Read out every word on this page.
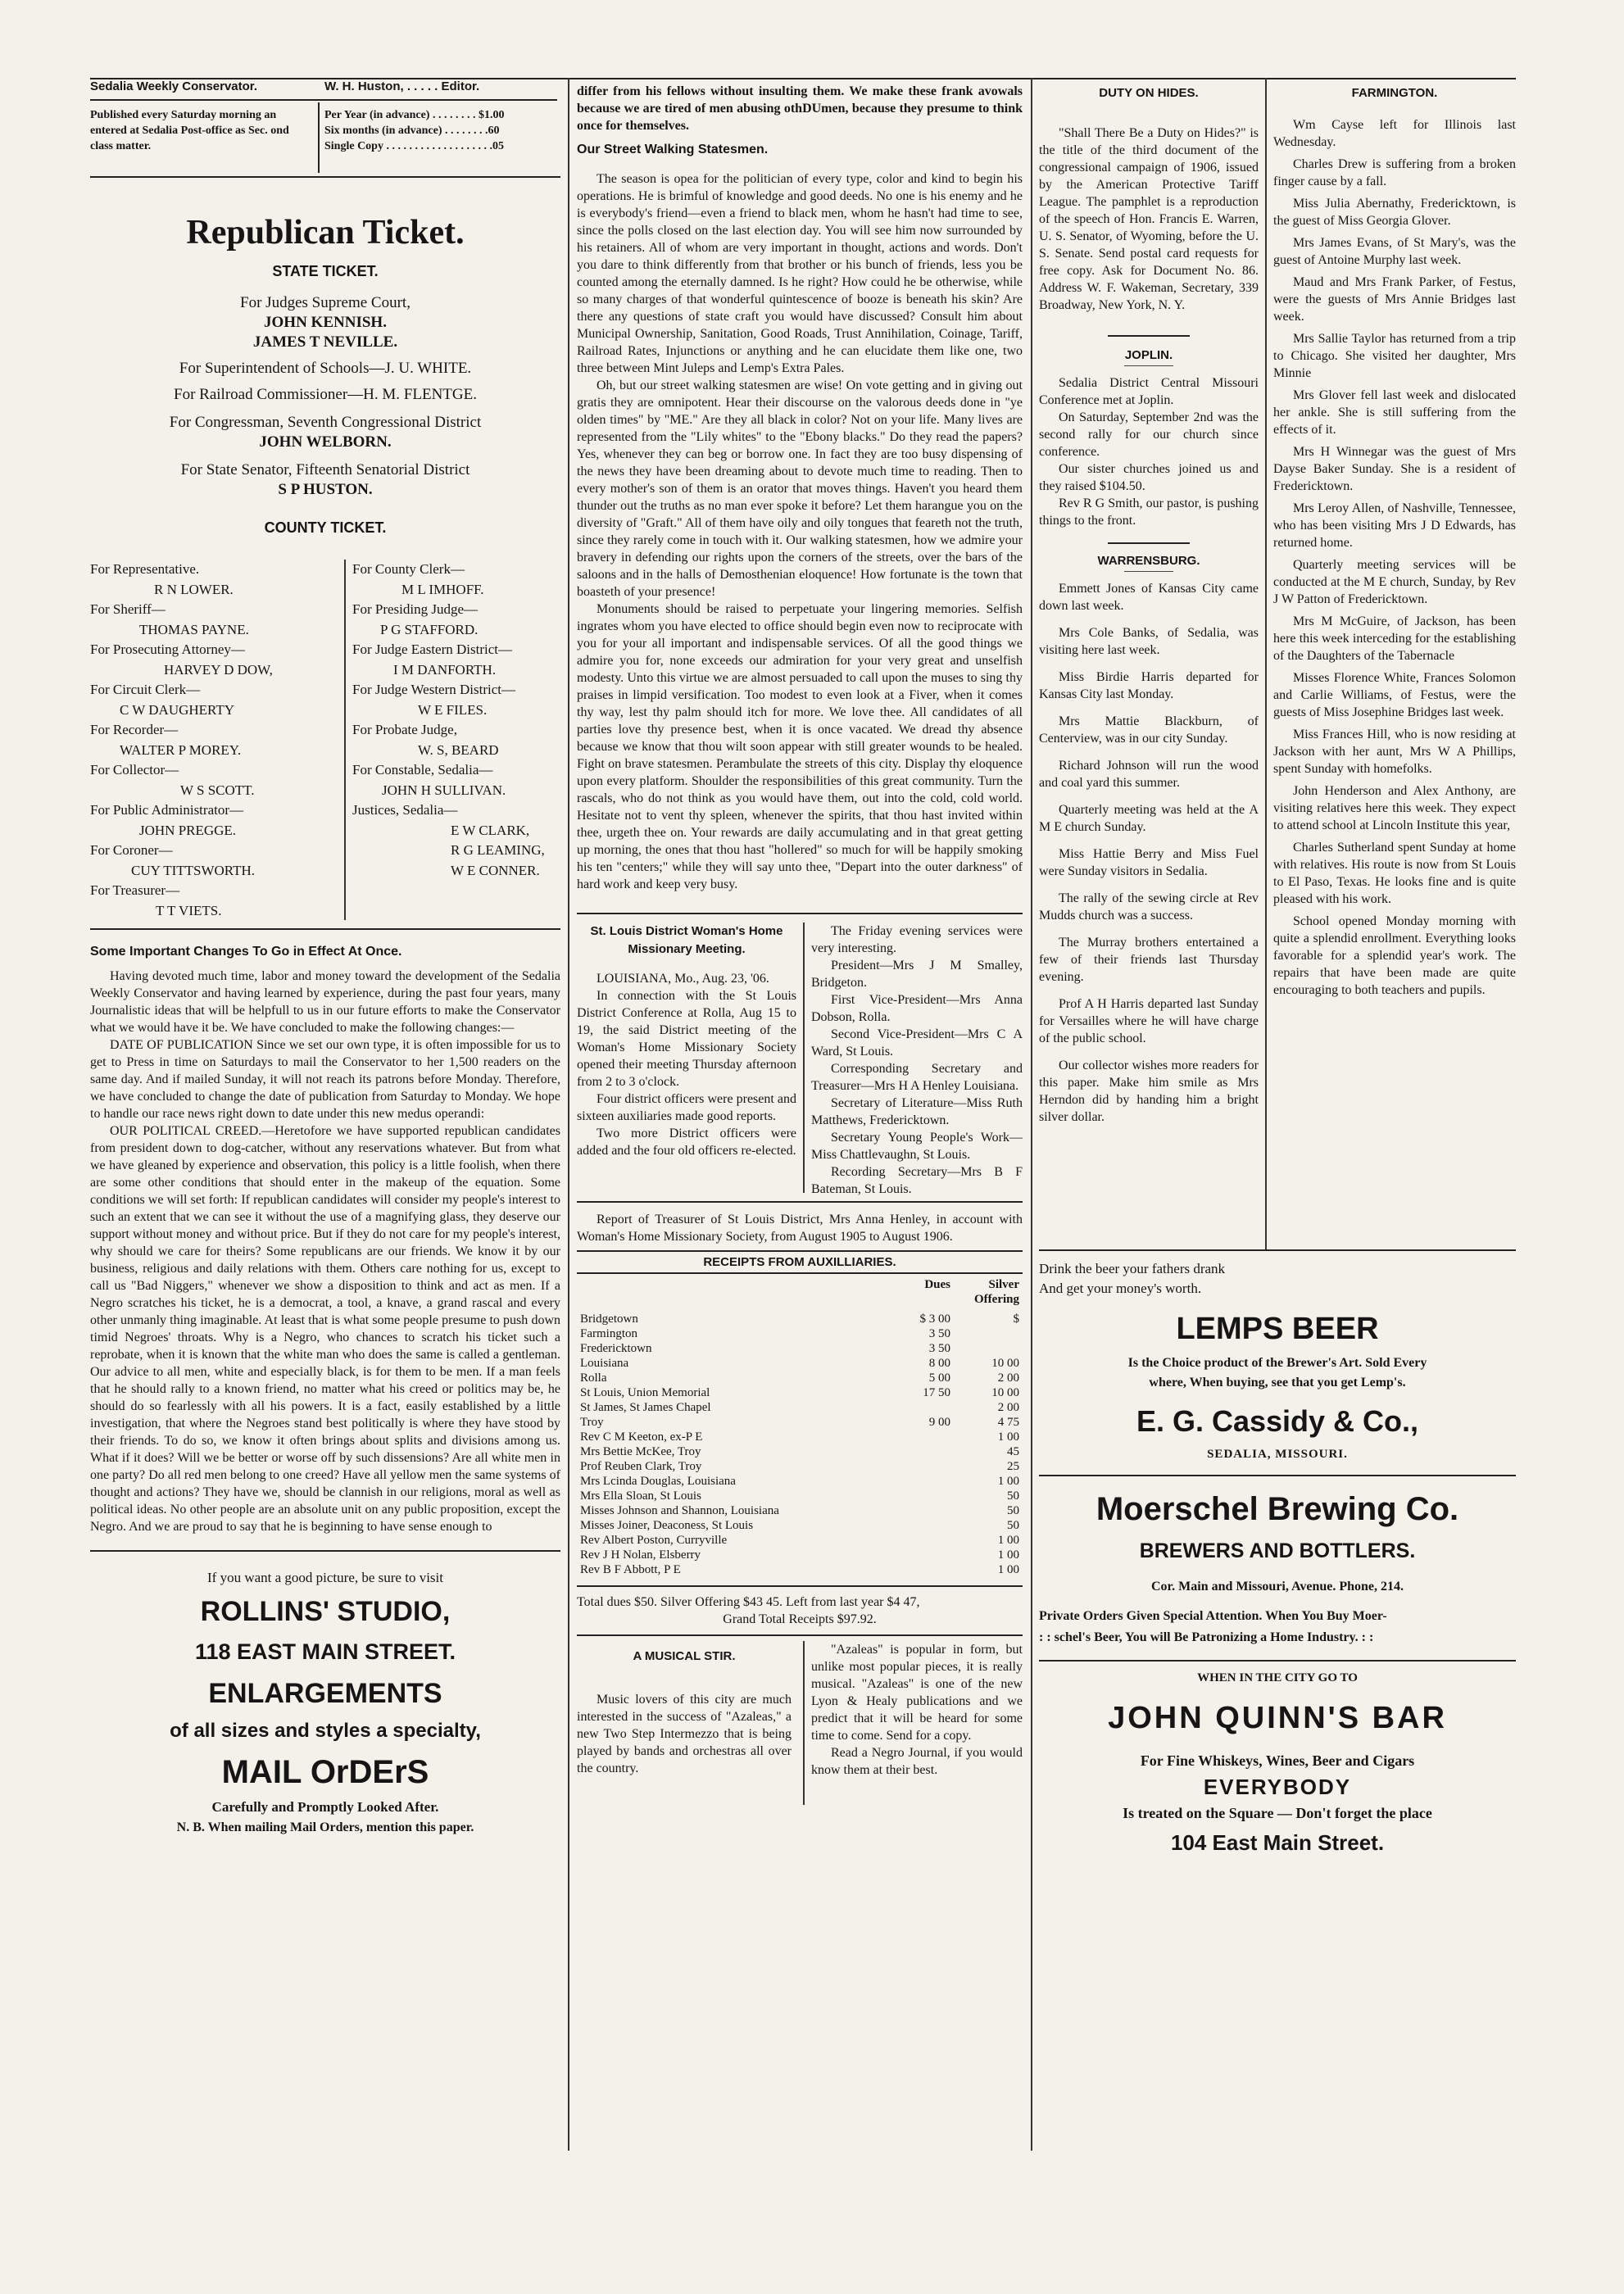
Sedalia Weekly Conservator.	W. H. Huston, . . . . . Editor.
Published every Saturday morning an entered at Sedalia Post-office as Sec. ond class matter.
Per Year (in advance) . . . . . . . . $1.00
Six months (in advance) . . . . . . . .60
Single Copy . . . . . . . . . . . . . . . . . . .05
Republican Ticket.
STATE TICKET.
For Judges Supreme Court,
JOHN KENNISH.
JAMES T NEVILLE.
For Superintendent of Schools—J. U. WHITE.
For Railroad Commissioner—H. M. FLENTGE.
For Congressman, Seventh Congressional District
JOHN WELBORN.
For State Senator, Fifteenth Senatorial District
S P HUSTON.
COUNTY TICKET.
For Representative.
R N LOWER.
For Sheriff—
THOMAS PAYNE.
For Prosecuting Attorney—
HARVEY D DOW,
For Circuit Clerk—
C W DAUGHERTY
For Recorder—
WALTER P MOREY.
For Collector—
W S SCOTT.
For Public Administrator—
JOHN PREGGE.
For Coroner—
CUY TITTSWORTH.
For Treasurer—
T T VIETS.
For County Clerk—
M L IMHOFF.
For Presiding Judge—
P G STAFFORD.
For Judge Eastern District—
I M DANFORTH.
For Judge Western District—
W E FILES.
For Probate Judge,
W. S, BEARD
For Constable, Sedalia—
JOHN H SULLIVAN.
Justices, Sedalia—
E W CLARK,
R G LEAMING,
W E CONNER.
Some Important Changes To Go in Effect At Once.

Having devoted much time, labor and money toward the development of the Sedalia Weekly Conservator and having learned by experience, during the past four years, many Journalistic ideas that will be helpfull to us in our future efforts to make the Conservator what we would have it be. We have concluded to make the following changes:—

DATE OF PUBLICATION Since we set our own type, it is often impossible for us to get to Press in time on Saturdays to mail the Conservator to her 1,500 readers on the same day. And if mailed Sunday, it will not reach its patrons before Monday. Therefore, we have concluded to change the date of publication from Saturday to Monday. We hope to handle our race news right down to date under this new medus operandi:

OUR POLITICAL CREED.—Heretofore we have supported republican candidates from president down to dog-catcher, without any reservations whatever. But from what we have gleaned by experience and observation, this policy is a little foolish, when there are some other conditions that should enter in the makeup of the equation. Some conditions we will set forth: If republican candidates will consider my people's interest to such an extent that we can see it without the use of a magnifying glass, they deserve our support without money and without price. But if they do not care for my people's interest, why should we care for theirs? Some republicans are our friends. We know it by our business, religious and daily relations with them. Others care nothing for us, except to call us "Bad Niggers," whenever we show a disposition to think and act as men. If a Negro scratches his ticket, he is a democrat, a tool, a knave, a grand rascal and every other unmanly thing imaginable. At least that is what some people presume to push down timid Negroes' throats. Why is a Negro, who chances to scratch his ticket such a reprobate, when it is known that the white man who does the same is called a gentleman. Our advice to all men, white and especially black, is for them to be men. If a man feels that he should rally to a known friend, no matter what his creed or politics may be, he should do so fearlessly with all his powers. It is a fact, easily established by a little investigation, that where the Negroes stand best politically is where they have stood by their friends. To do so, we know it often brings about splits and divisions among us. What if it does? Will we be better or worse off by such dissensions? Are all white men in one party? Do all red men belong to one creed? Have all yellow men the same systems of thought and actions? They have we, should be clannish in our religions, moral as well as political ideas. No other people are an absolute unit on any public proposition, except the Negro. And we are proud to say that he is beginning to have sense enough to

If you want a good picture, be sure to visit
ROLLINS' STUDIO,
118 EAST MAIN STREET.
ENLARGEMENTS
of all sizes and styles a specialty,
MAIL OrDErS
Carefully and Promptly Looked After.
N. B. When mailing Mail Orders, mention this paper.

differ from his fellows without insulting them. We make these frank avowals because we are tired of men abusing othDUmen, because they presume to think once for themselves.

Our Street Walking Statesmen.

The season is opea for the politician of every type, color and kind to begin his operations. He is brimful of knowledge and good deeds. No one is his enemy and he is everybody's friend—even a friend to black men, whom he hasn't had time to see, since the polls closed on the last election day. You will see him now surrounded by his retainers. All of whom are very important in thought, actions and words. Don't you dare to think differently from that brother or his bunch of friends, less you be counted among the eternally damned. Is he right? How could he be otherwise, while so many charges of that wonderful quintescence of booze is beneath his skin? Are there any questions of state craft you would have discussed? Consult him about Municipal Ownership, Sanitation, Good Roads, Trust Annihilation, Coinage, Tariff, Railroad Rates, Injunctions or anything and he can elucidate them like one, two three between Mint Juleps and Lemp's Extra Pales.

Oh, but our street walking statesmen are wise! On vote getting and in giving out gratis they are omnipotent. Hear their discourse on the valorous deeds done in "ye olden times" by "ME." Are they all black in color? Not on your life. Many lives are represented from the "Lily whites" to the "Ebony blacks." Do they read the papers? Yes, whenever they can beg or borrow one. In fact they are too busy dispensing of the news they have been dreaming about to devote much time to reading. Then to every mother's son of them is an orator that moves things. Haven't you heard them thunder out the truths as no man ever spoke it before? Let them harangue you on the diversity of "Graft." All of them have oily and oily tongues that feareth not the truth, since they rarely come in touch with it. Our walking statesmen, how we admire your bravery in defending our rights upon the corners of the streets, over the bars of the saloons and in the halls of Demosthenian eloquence! How fortunate is the town that boasteth of your presence!

Monuments should be raised to perpetuate your lingering memories. Selfish ingrates whom you have elected to office should begin even now to reciprocate with you for your all important and indispensable services. Of all the good things we admire you for, none exceeds our admiration for your very great and unselfish modesty. Unto this virtue we are almost persuaded to call upon the muses to sing thy praises in limpid versification. Too modest to even look at a Fiver, when it comes thy way, lest thy palm should itch for more. We love thee. All candidates of all parties love thy presence best, when it is once vacated. We dread thy absence because we know that thou wilt soon appear with still greater wounds to be healed. Fight on brave statesmen. Perambulate the streets of this city. Display thy eloquence upon every platform. Shoulder the responsibilities of this great community. Turn the rascals, who do not think as you would have them, out into the cold, cold world. Hesitate not to vent thy spleen, whenever the spirits, that thou hast invited within thee, urgeth thee on. Your rewards are daily accumulating and in that great getting up morning, the ones that thou hast "hollered" so much for will be happily smoking his ten "centers;" while they will say unto thee, "Depart into the outer darkness" of hard work and keep very busy.

St. Louis District Woman's Home Missionary Meeting.

LOUISIANA, Mo., Aug. 23, '06.

In connection with the St Louis District Conference at Rolla, Aug 15 to 19, the said District meeting of the Woman's Home Missionary Society opened their meeting Thursday afternoon from 2 to 3 o'clock.

Four district officers were present and sixteen auxiliaries made good reports.

Two more District officers were added and the four old officers re-elected.

The Friday evening services were very interesting.

President—Mrs J M Smalley, Bridgeton.

First Vice-President—Mrs Anna Dobson, Rolla.

Second Vice-President—Mrs C A Ward, St Louis.

Corresponding Secretary and Treasurer—Mrs H A Henley Louisiana.

Secretary of Literature—Miss Ruth Matthews, Fredericktown.

Secretary Young People's Work—Miss Chattlevaughn, St Louis.

Recording Secretary—Mrs B F Bateman, St Louis.

Report of Treasurer of St Louis District, Mrs Anna Henley, in account with Woman's Home Missionary Society, from August 1905 to August 1906.

RECEIPTS FROM AUXILLIARIES.
	Dues	Silver Offering
Bridgetown	$ 3 00	$
Farmington	3 50	
Fredericktown	3 50	
Louisiana	8 00	10 00
Rolla	5 00	2 00
St Louis, Union Memorial	17 50	10 00
St James, St James Chapel		2 00
Troy	9 00	4 75
Rev C M Keeton, ex-P E		1 00
Mrs Bettie McKee, Troy		45
Prof Reuben Clark, Troy		25
Mrs Lcinda Douglas, Louisiana		1 00
Mrs Ella Sloan, St Louis		50
Misses Johnson and Shannon, Louisiana		50
Misses Joiner, Deaconess, St Louis		50
Rev Albert Poston, Curryville		1 00
Rev J H Nolan, Elsberry		1 00
Rev B F Abbott, P E		1 00
Total dues $50. Silver Offering $43 45. Left from last year $4 47,
Grand Total Receipts $97.92.
A MUSICAL STIR.

Music lovers of this city are much interested in the success of "Azaleas," a new Two Step Intermezzo that is being played by bands and orchestras all over the country.

"Azaleas" is popular in form, but unlike most popular pieces, it is really musical. "Azaleas" is one of the new Lyon & Healy publications and we predict that it will be heard for some time to come. Send for a copy.

Read a Negro Journal, if you would know them at their best.

DUTY ON HIDES.

"Shall There Be a Duty on Hides?" is the title of the third document of the congressional campaign of 1906, issued by the American Protective Tariff League. The pamphlet is a reproduction of the speech of Hon. Francis E. Warren, U. S. Senator, of Wyoming, before the U. S. Senate. Send postal card requests for free copy. Ask for Document No. 86. Address W. F. Wakeman, Secretary, 339 Broadway, New York, N. Y.

JOPLIN.

Sedalia District Central Missouri Conference met at Joplin.

On Saturday, September 2nd was the second rally for our church since conference.

Our sister churches joined us and they raised $104.50.

Rev R G Smith, our pastor, is pushing things to the front.

WARRENSBURG.

Emmett Jones of Kansas City came down last week.

Mrs Cole Banks, of Sedalia, was visiting here last week.

Miss Birdie Harris departed for Kansas City last Monday.

Mrs Mattie Blackburn, of Centerview, was in our city Sunday.

Richard Johnson will run the wood and coal yard this summer.

Quarterly meeting was held at the A M E church Sunday.

Miss Hattie Berry and Miss Fuel were Sunday visitors in Sedalia.

The rally of the sewing circle at Rev Mudds church was a success.

The Murray brothers entertained a few of their friends last Thursday evening.

Prof A H Harris departed last Sunday for Versailles where he will have charge of the public school.

Our collector wishes more readers for this paper. Make him smile as Mrs Herndon did by handing him a bright silver dollar.

FARMINGTON.

Wm Cayse left for Illinois last Wednesday.

Charles Drew is suffering from a broken finger cause by a fall.

Miss Julia Abernathy, Fredericktown, is the guest of Miss Georgia Glover.

Mrs James Evans, of St Mary's, was the guest of Antoine Murphy last week.

Maud and Mrs Frank Parker, of Festus, were the guests of Mrs Annie Bridges last week.

Mrs Sallie Taylor has returned from a trip to Chicago. She visited her daughter, Mrs Minnie

Mrs Glover fell last week and dislocated her ankle. She is still suffering from the effects of it.

Mrs H Winnegar was the guest of Mrs Dayse Baker Sunday. She is a resident of Fredericktown.

Mrs Leroy Allen, of Nashville, Tennessee, who has been visiting Mrs J D Edwards, has returned home.

Quarterly meeting services will be conducted at the M E church, Sunday, by Rev J W Patton of Fredericktown.

Mrs M McGuire, of Jackson, has been here this week interceding for the establishing of the Daughters of the Tabernacle

Misses Florence White, Frances Solomon and Carlie Williams, of Festus, were the guests of Miss Josephine Bridges last week.

Miss Frances Hill, who is now residing at Jackson with her aunt, Mrs W A Phillips, spent Sunday with homefolks.

John Henderson and Alex Anthony, are visiting relatives here this week. They expect to attend school at Lincoln Institute this year,

Charles Sutherland spent Sunday at home with relatives. His route is now from St Louis to El Paso, Texas. He looks fine and is quite pleased with his work.

School opened Monday morning with quite a splendid enrollment. Everything looks favorable for a splendid year's work. The repairs that have been made are quite encouraging to both teachers and pupils.

Drink the beer your fathers drank
And get your money's worth.
LEMPS BEER
Is the Choice product of the Brewer's Art. Sold Every
where, When buying, see that you get Lemp's.
E. G. Cassidy & Co.,
SEDALIA, MISSOURI.
Moerschel Brewing Co.
BREWERS AND BOTTLERS.
Cor. Main and Missouri, Avenue. Phone, 214.
Private Orders Given Special Attention. When You Buy Moer-
: : schel's Beer, You will Be Patronizing a Home Industry. : :
WHEN IN THE CITY GO TO
JOHN QUINN'S BAR
For Fine Whiskeys, Wines, Beer and Cigars
EVERYBODY
Is treated on the Square — Don't forget the place
104 East Main Street.
